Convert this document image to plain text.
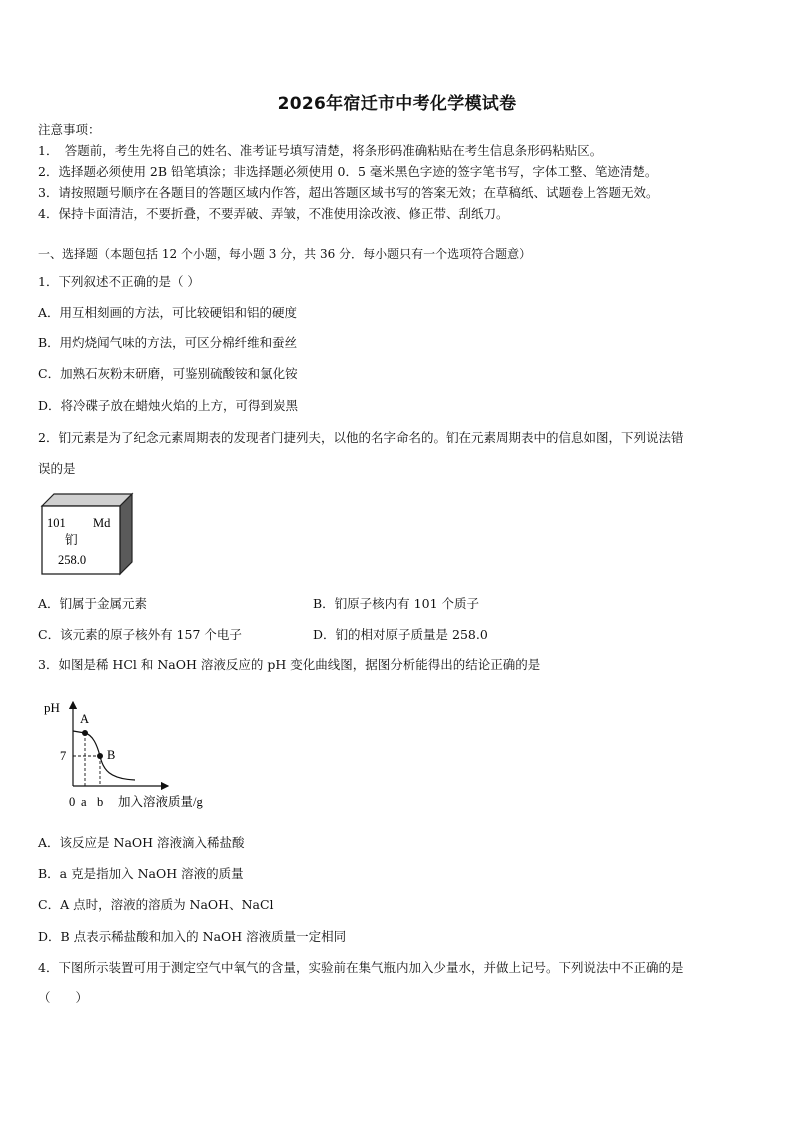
2026年宿迁市中考化学模试卷
注意事项：
1．　答题前，考生先将自己的姓名、准考证号填写清楚，将条形码准确粘贴在考生信息条形码粘贴区。
2．选择题必须使用 2B 铅笔填涂；非选择题必须使用 0．5 毫米黑色字迹的签字笔书写，字体工整、笔迹清楚。
3．请按照题号顺序在各题目的答题区域内作答，超出答题区域书写的答案无效；在草稿纸、试题卷上答题无效。
4．保持卡面清洁，不要折叠，不要弄破、弄皱，不准使用涂改液、修正带、刮纸刀。
一、选择题（本题包括 12 个小题，每小题 3 分，共 36 分．每小题只有一个选项符合题意）
1．下列叙述不正确的是（ ）
A．用互相刻画的方法，可比较硬铝和铝的硬度
B．用灼烧闻气味的方法，可区分棉纤维和蚕丝
C．加熟石灰粉末研磨，可鉴别硫酸铵和氯化铵
D．将冷碟子放在蜡烛火焰的上方，可得到炭黑
2．钔元素是为了纪念元素周期表的发现者门捷列夫，以他的名字命名的。钔在元素周期表中的信息如图，下列说法错
误的是
101 Md
钔
258.0
A．钔属于金属元素	B．钔原子核内有 101 个质子
C．该元素的原子核外有 157 个电子	D．钔的相对原子质量是 258.0
3．如图是稀 HCl 和 NaOH 溶液反应的 pH 变化曲线图，据图分析能得出的结论正确的是
pH
7
A
B
0 a b 加入溶液质量/g
A．该反应是 NaOH 溶液滴入稀盐酸
B．a 克是指加入 NaOH 溶液的质量
C．A 点时，溶液的溶质为 NaOH、NaCl
D．B 点表示稀盐酸和加入的 NaOH 溶液质量一定相同
4．下图所示装置可用于测定空气中氧气的含量，实验前在集气瓶内加入少量水，并做上记号。下列说法中不正确的是
（　　）
